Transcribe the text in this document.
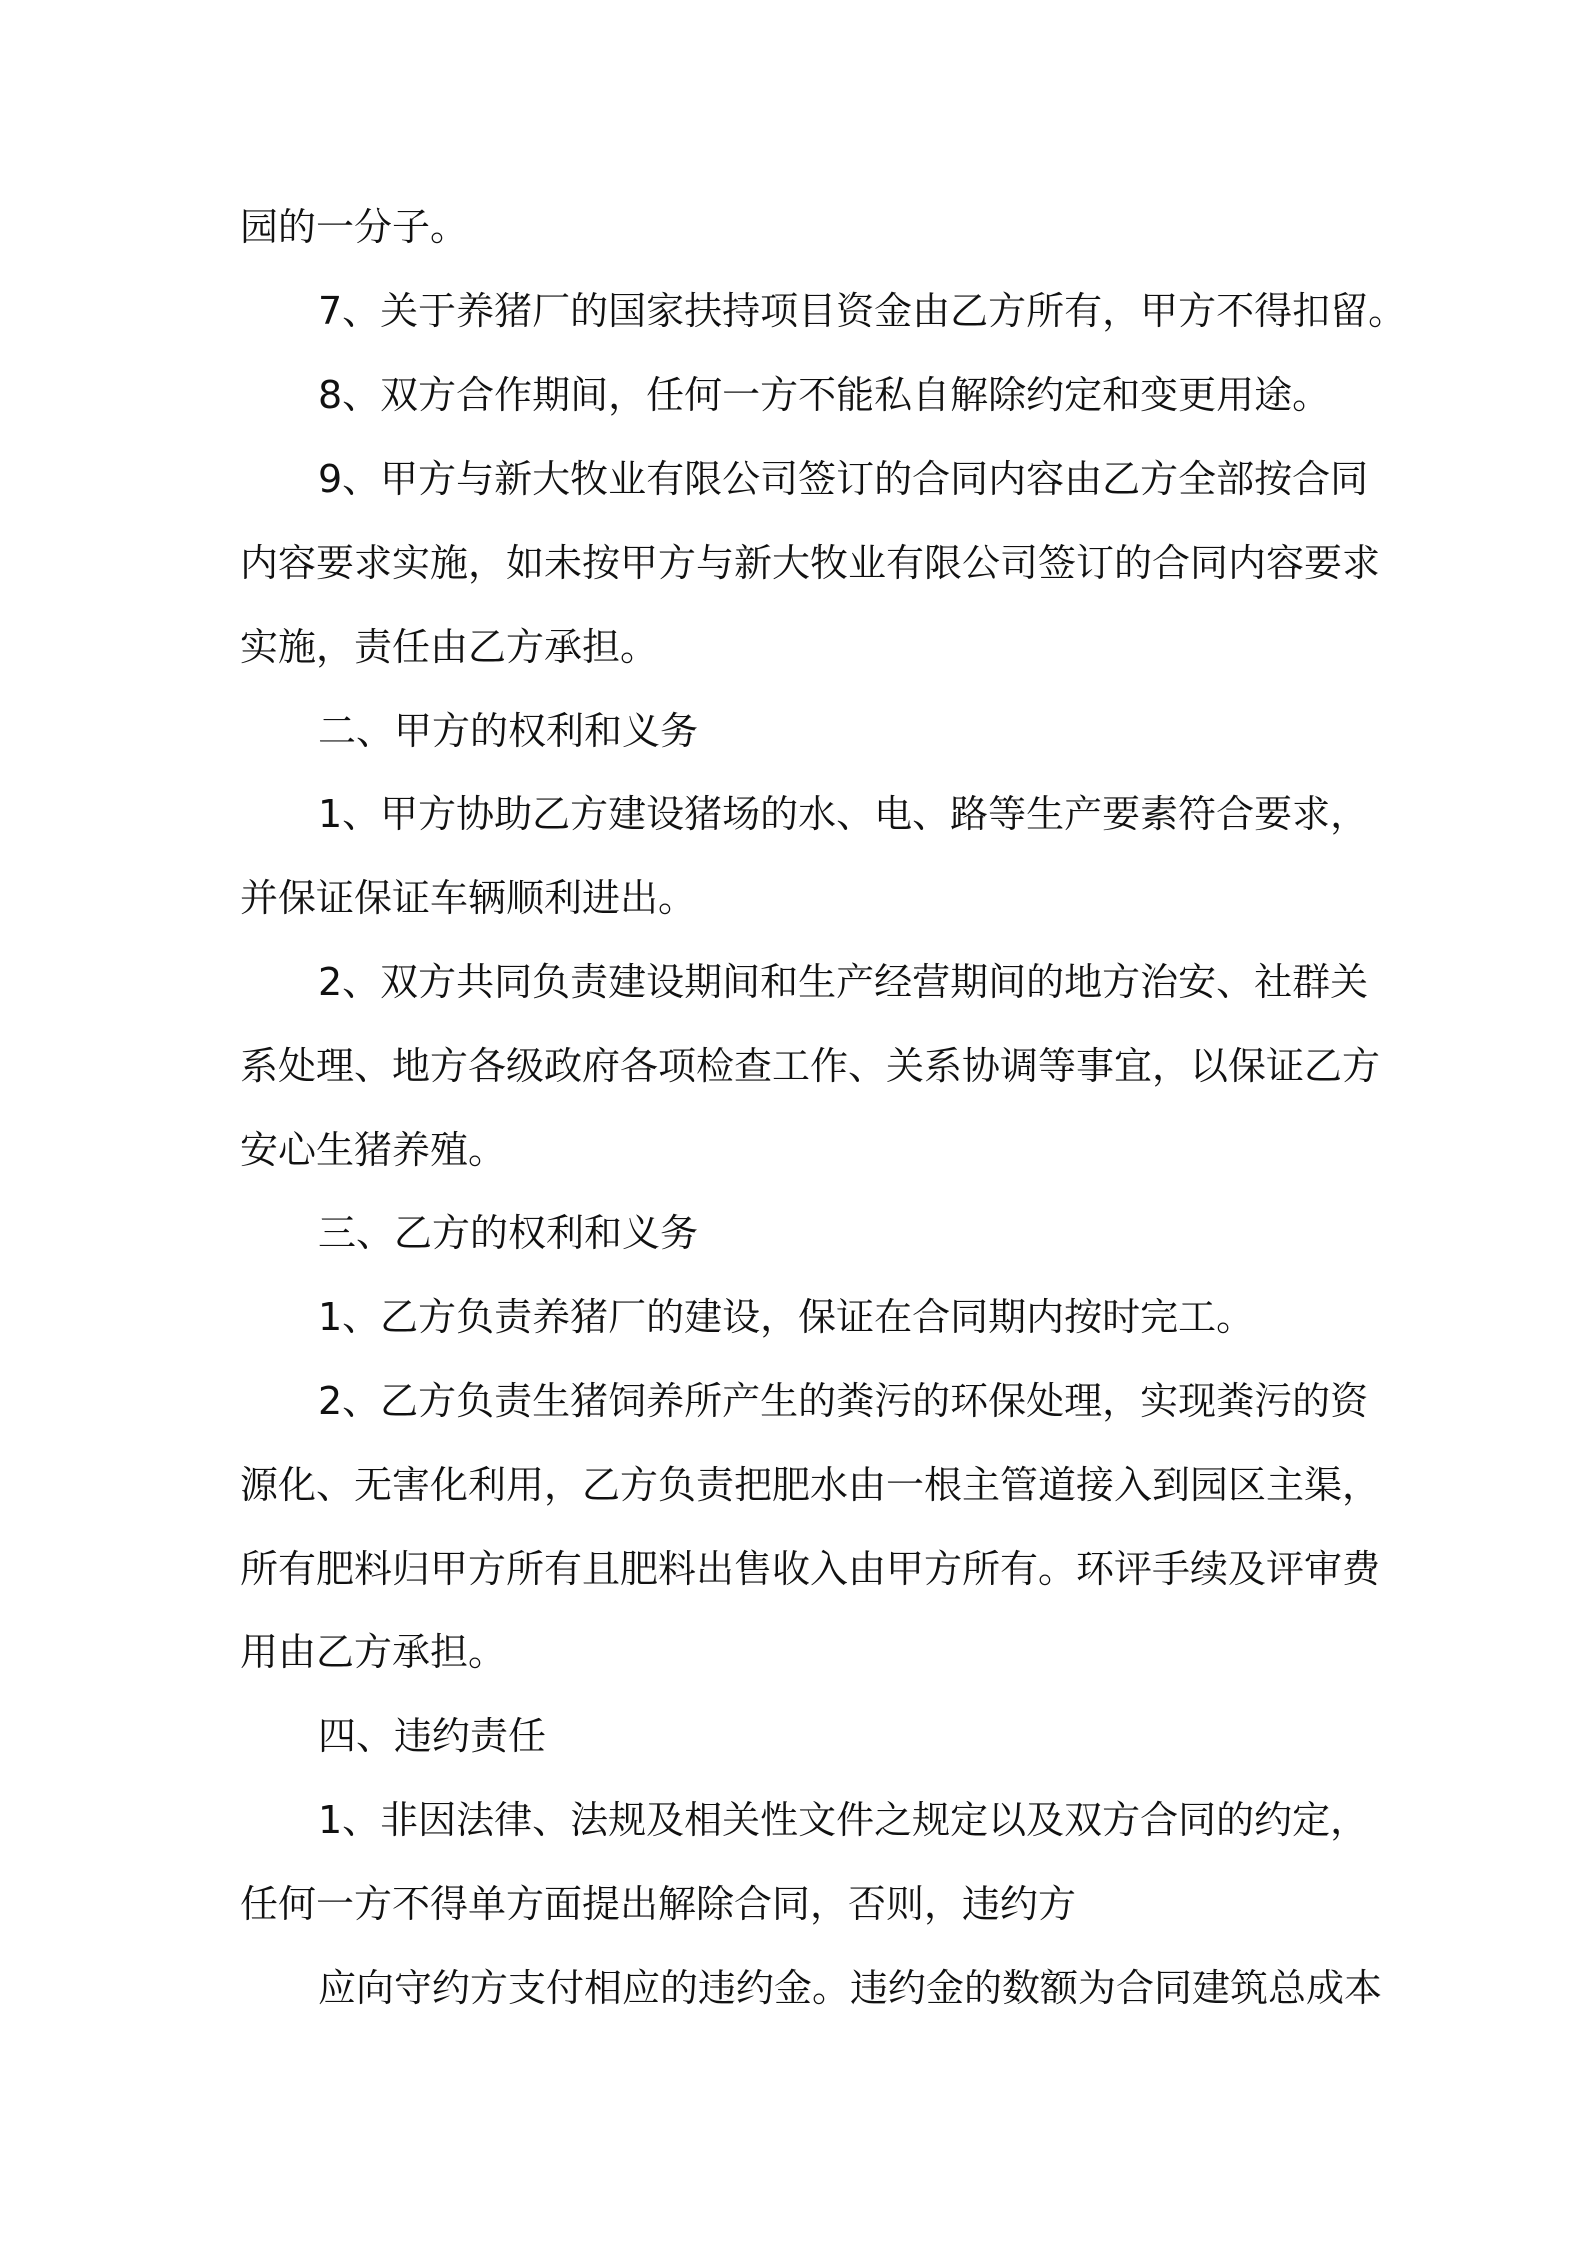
园的一分子。
7、关于养猪厂的国家扶持项目资金由乙方所有，甲方不得扣留。
8、双方合作期间，任何一方不能私自解除约定和变更用途。
9、甲方与新大牧业有限公司签订的合同内容由乙方全部按合同
内容要求实施，如未按甲方与新大牧业有限公司签订的合同内容要求
实施，责任由乙方承担。
二、甲方的权利和义务
1、甲方协助乙方建设猪场的水、电、路等生产要素符合要求，
并保证保证车辆顺利进出。
2、双方共同负责建设期间和生产经营期间的地方治安、社群关
系处理、地方各级政府各项检查工作、关系协调等事宜，以保证乙方
安心生猪养殖。
三、乙方的权利和义务
1、乙方负责养猪厂的建设，保证在合同期内按时完工。
2、乙方负责生猪饲养所产生的粪污的环保处理，实现粪污的资
源化、无害化利用，乙方负责把肥水由一根主管道接入到园区主渠，
所有肥料归甲方所有且肥料出售收入由甲方所有。环评手续及评审费
用由乙方承担。
四、违约责任
1、非因法律、法规及相关性文件之规定以及双方合同的约定，
任何一方不得单方面提出解除合同，否则，违约方
应向守约方支付相应的违约金。违约金的数额为合同建筑总成本
